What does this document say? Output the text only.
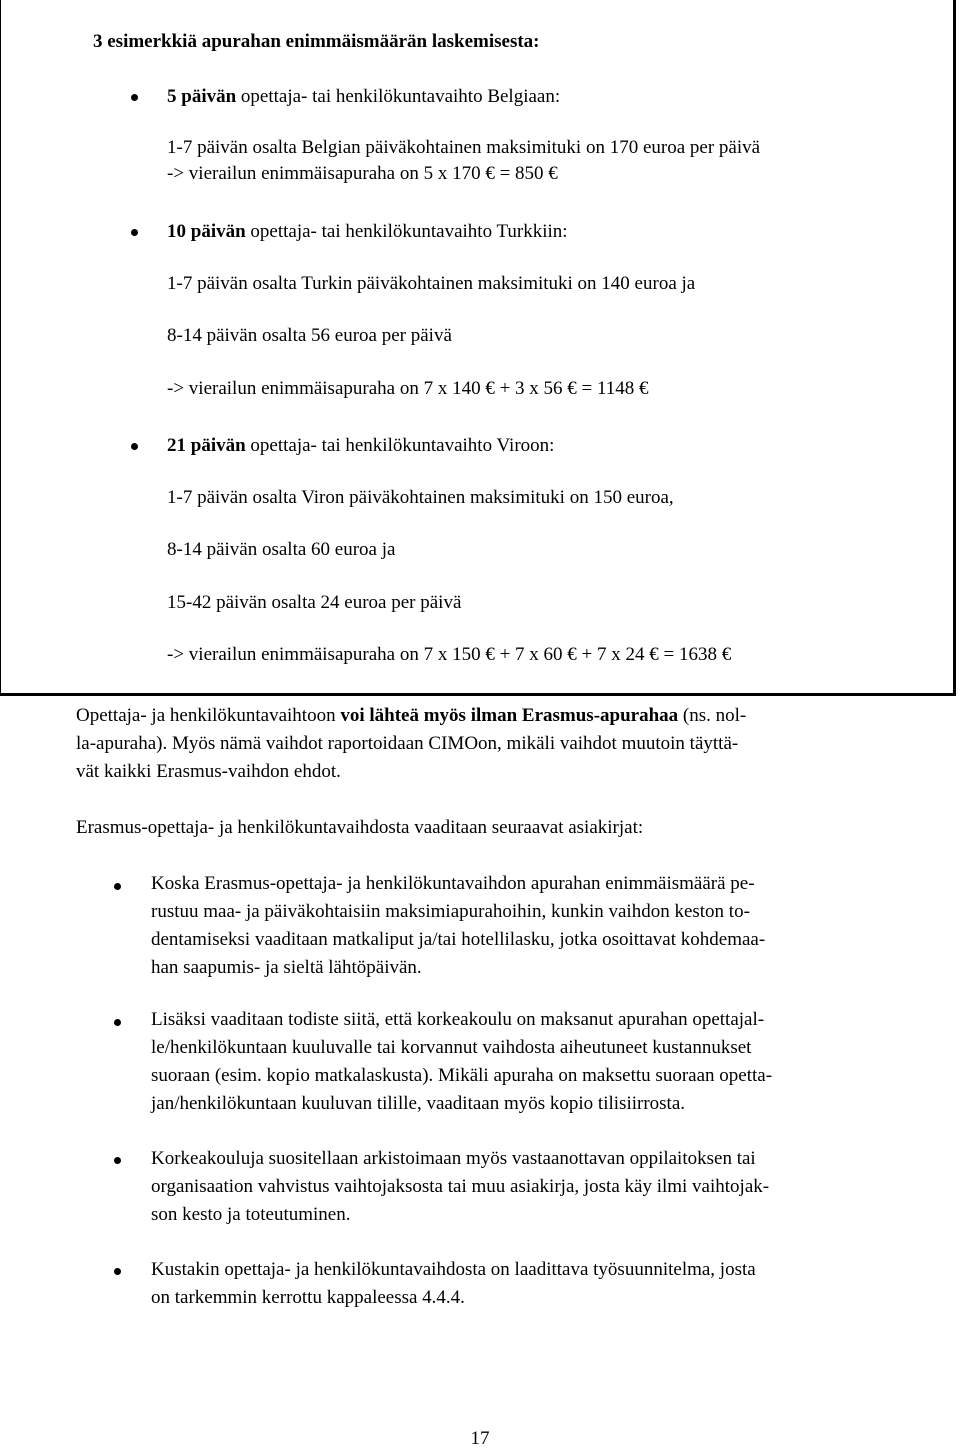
3 esimerkkiä apurahan enimmäismäärän laskemisesta:
5 päivän opettaja- tai henkilökuntavaihto Belgiaan:
1-7 päivän osalta Belgian päiväkohtainen maksimituki on 170 euroa per päivä
-> vierailun enimmäisapuraha on 5 x 170 € = 850 €
10 päivän opettaja- tai henkilökuntavaihto Turkkiin:
1-7 päivän osalta Turkin päiväkohtainen maksimituki on 140 euroa ja
8-14 päivän osalta 56 euroa per päivä
-> vierailun enimmäisapuraha on 7 x 140 € + 3 x 56 € = 1148 €
21 päivän opettaja- tai henkilökuntavaihto Viroon:
1-7 päivän osalta Viron päiväkohtainen maksimituki on 150 euroa,
8-14 päivän osalta 60 euroa ja
15-42 päivän osalta 24 euroa per päivä
-> vierailun enimmäisapuraha on 7 x 150 € + 7 x 60 € + 7 x 24 € = 1638 €
Opettaja- ja henkilökuntavaihtoon voi lähteä myös ilman Erasmus-apurahaa (ns. nol-
la-apuraha). Myös nämä vaihdot raportoidaan CIMOon, mikäli vaihdot muutoin täyttä-
vät kaikki Erasmus-vaihdon ehdot.
Erasmus-opettaja- ja henkilökuntavaihdosta vaaditaan seuraavat asiakirjat:
Koska Erasmus-opettaja- ja henkilökuntavaihdon apurahan enimmäismäärä pe-
rustuu maa- ja päiväkohtaisiin maksimiapurahoihin, kunkin vaihdon keston to-
dentamiseksi vaaditaan matkaliput ja/tai hotellilasku, jotka osoittavat kohdemaa-
han saapumis- ja sieltä lähtöpäivän.
Lisäksi vaaditaan todiste siitä, että korkeakoulu on maksanut apurahan opettajal-
le/henkilökuntaan kuuluvalle tai korvannut vaihdosta aiheutuneet kustannukset
suoraan (esim. kopio matkalaskusta). Mikäli apuraha on maksettu suoraan opetta-
jan/henkilökuntaan kuuluvan tilille, vaaditaan myös kopio tilisiirrosta.
Korkeakouluja suositellaan arkistoimaan myös vastaanottavan oppilaitoksen tai
organisaation vahvistus vaihtojaksosta tai muu asiakirja, josta käy ilmi vaihtojak-
son kesto ja toteutuminen.
Kustakin opettaja- ja henkilökuntavaihdosta on laadittava työsuunnitelma, josta
on tarkemmin kerrottu kappaleessa 4.4.4.
17
